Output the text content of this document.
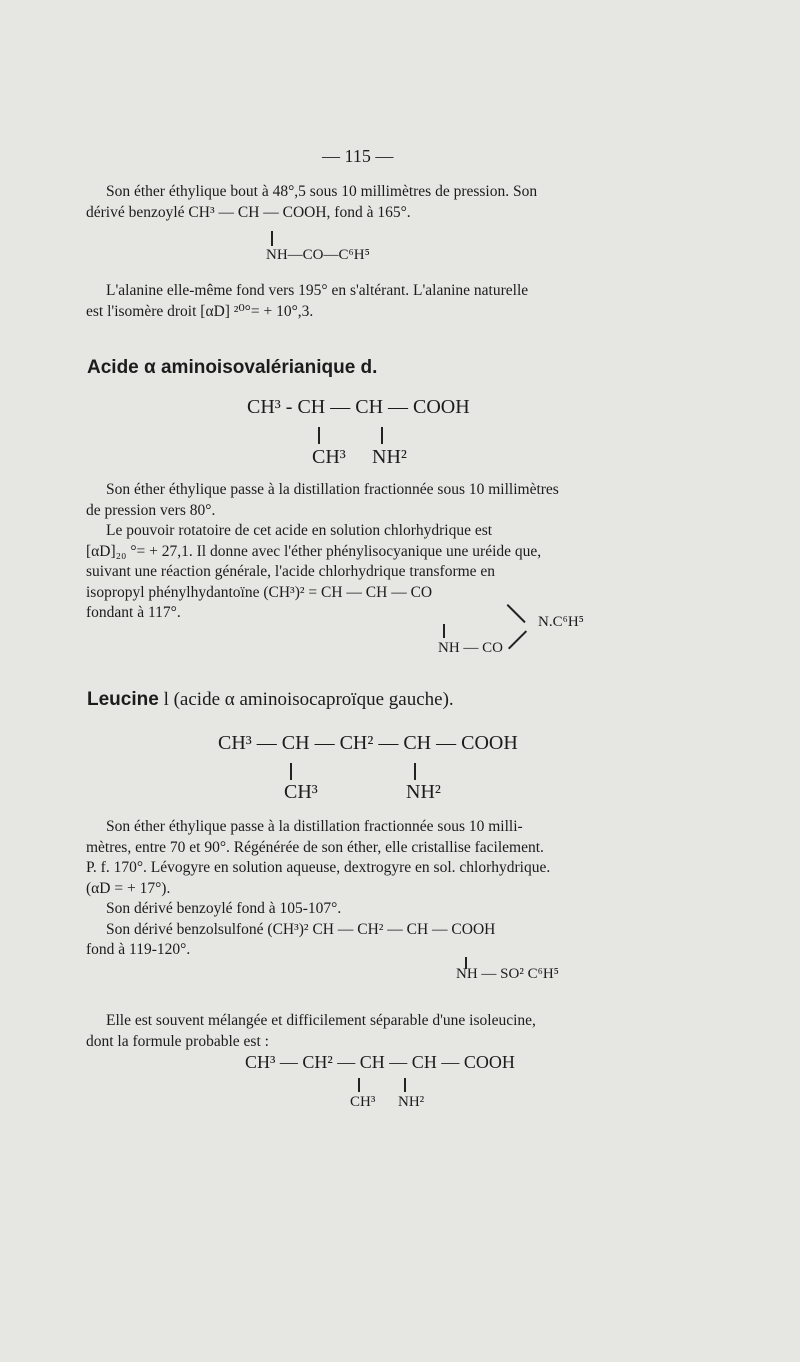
— 115 —

Son éther éthylique bout à 48°,5 sous 10 millimètres de pression. Son
dérivé benzoylé CH³ — CH — COOH, fond à 165°.

NH—CO—C⁶H⁵

L'alanine elle-même fond vers 195° en s'altérant. L'alanine naturelle
est l'isomère droit [αD] ²⁰°= + 10°,3.

Acide α aminoisovalérianique d.

CH³ - CH — CH — COOH

CH³ NH²

Son éther éthylique passe à la distillation fractionnée sous 10 millimètres
de pression vers 80°.
Le pouvoir rotatoire de cet acide en solution chlorhydrique est
[αD]₂₀ °= + 27,1. Il donne avec l'éther phénylisocyanique une uréide que,
suivant une réaction générale, l'acide chlorhydrique transforme en
isopropyl phénylhydantoïne (CH³)² = CH — CH — CO
fondant à 117°.

N.C⁶H⁵

NH — CO

Leucine l (acide α aminoisocaproïque gauche).

CH³ — CH — CH² — CH — COOH

CH³	NH²

Son éther éthylique passe à la distillation fractionnée sous 10 milli-
mètres, entre 70 et 90°. Régénérée de son éther, elle cristallise facilement.
P. f. 170°. Lévogyre en solution aqueuse, dextrogyre en sol. chlorhydrique.
(αD = + 17°).
Son dérivé benzoylé fond à 105-107°.
Son dérivé benzolsulfoné (CH³)² CH — CH² — CH — COOH
fond à 119-120°.

NH — SO² C⁶H⁵

Elle est souvent mélangée et difficilement séparable d'une isoleucine,
dont la formule probable est :

CH³ — CH² — CH — CH — COOH

CH³ NH²
